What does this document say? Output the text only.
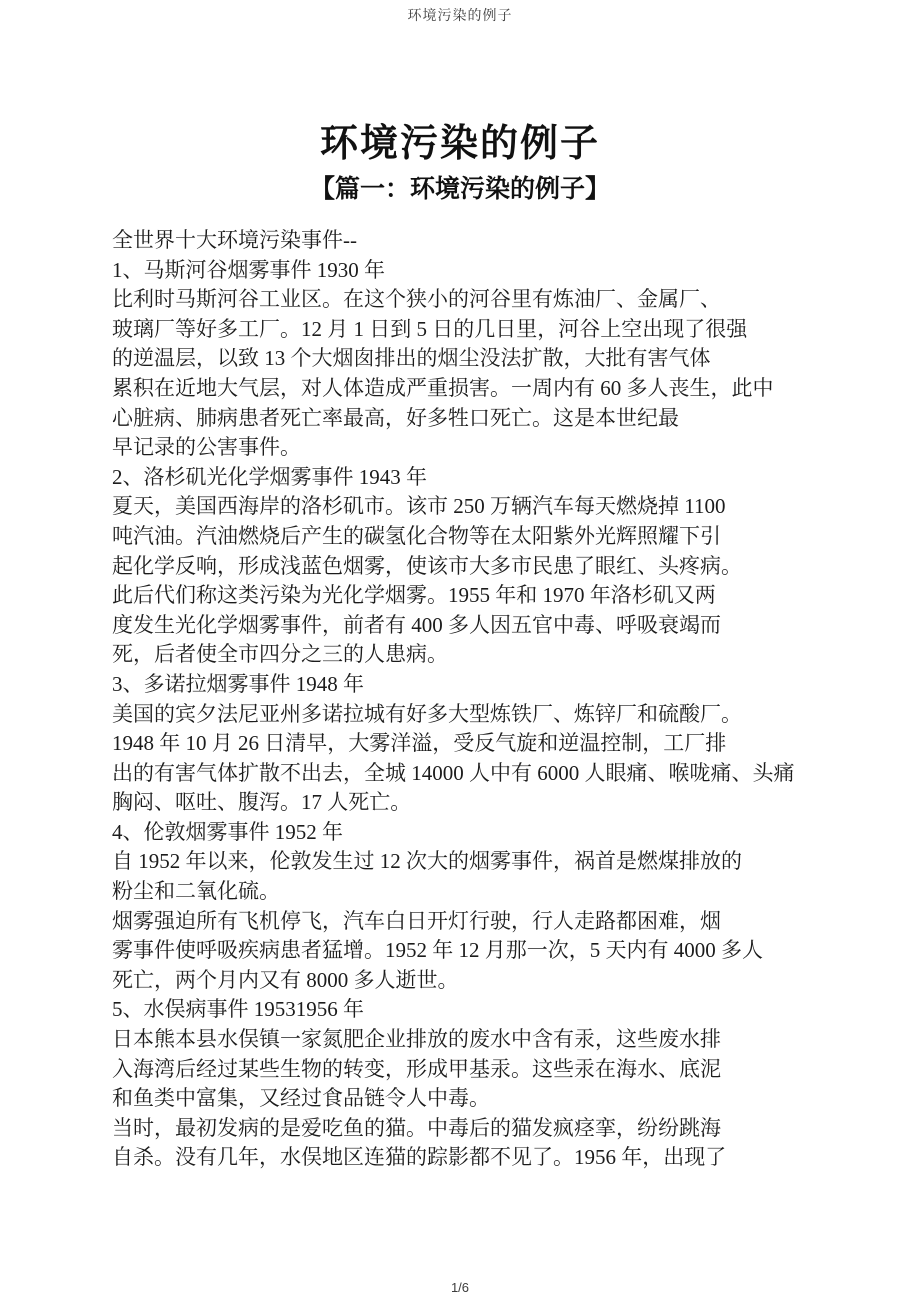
环境污染的例子
环境污染的例子
【篇一：环境污染的例子】
全世界十大环境污染事件--
1、马斯河谷烟雾事件 1930 年
比利时马斯河谷工业区。在这个狭小的河谷里有炼油厂、金属厂、
玻璃厂等好多工厂。12 月 1 日到 5 日的几日里，河谷上空出现了很强
的逆温层，以致 13 个大烟囱排出的烟尘没法扩散，大批有害气体
累积在近地大气层，对人体造成严重损害。一周内有 60 多人丧生，此中
心脏病、肺病患者死亡率最高，好多牲口死亡。这是本世纪最
早记录的公害事件。
2、洛杉矶光化学烟雾事件 1943 年
夏天，美国西海岸的洛杉矶市。该市 250 万辆汽车每天燃烧掉 1100
吨汽油。汽油燃烧后产生的碳氢化合物等在太阳紫外光辉照耀下引
起化学反响，形成浅蓝色烟雾，使该市大多市民患了眼红、头疼病。
此后代们称这类污染为光化学烟雾。1955 年和 1970 年洛杉矶又两
度发生光化学烟雾事件，前者有 400 多人因五官中毒、呼吸衰竭而
死，后者使全市四分之三的人患病。
3、多诺拉烟雾事件 1948 年
美国的宾夕法尼亚州多诺拉城有好多大型炼铁厂、炼锌厂和硫酸厂。
1948 年 10 月 26 日清早，大雾洋溢，受反气旋和逆温控制，工厂排
出的有害气体扩散不出去，全城 14000 人中有 6000 人眼痛、喉咙痛、头痛
胸闷、呕吐、腹泻。17 人死亡。
4、伦敦烟雾事件 1952 年
自 1952 年以来，伦敦发生过 12 次大的烟雾事件，祸首是燃煤排放的
粉尘和二氧化硫。
烟雾强迫所有飞机停飞，汽车白日开灯行驶，行人走路都困难，烟
雾事件使呼吸疾病患者猛增。1952 年 12 月那一次，5 天内有 4000 多人
死亡，两个月内又有 8000 多人逝世。
5、水俣病事件 19531956 年
日本熊本县水俣镇一家氮肥企业排放的废水中含有汞，这些废水排
入海湾后经过某些生物的转变，形成甲基汞。这些汞在海水、底泥
和鱼类中富集，又经过食品链令人中毒。
当时，最初发病的是爱吃鱼的猫。中毒后的猫发疯痉挛，纷纷跳海
自杀。没有几年，水俣地区连猫的踪影都不见了。1956 年，出现了
1/6
